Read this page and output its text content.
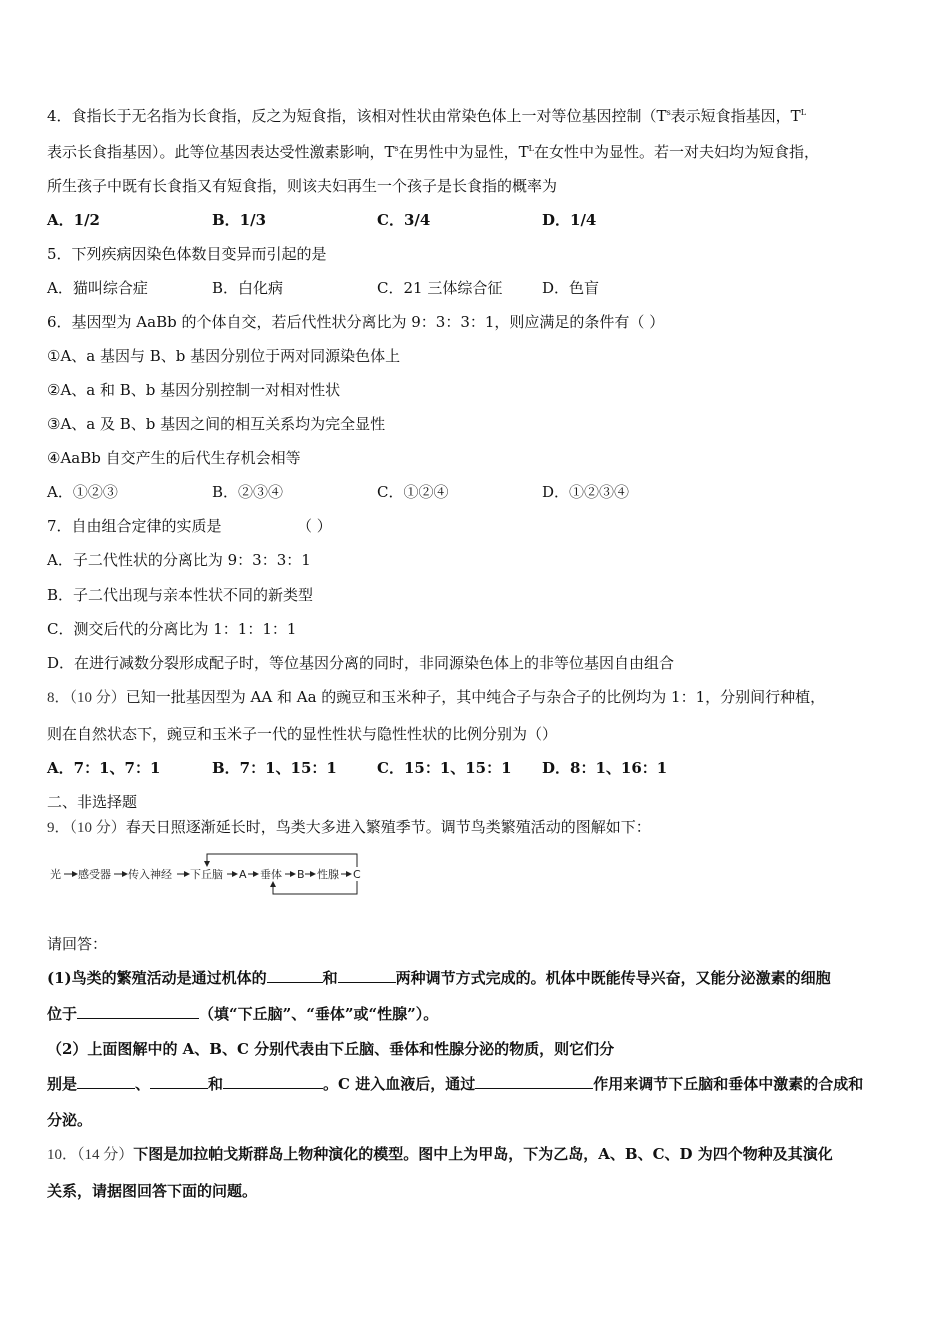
4．食指长于无名指为长食指，反之为短食指，该相对性状由常染色体上一对等位基因控制（$T^s$表示短食指基因，$T^L$
表示长食指基因）。此等位基因表达受性激素影响，$T^s$在男性中为显性，$T^L$在女性中为显性。若一对夫妇均为短食指，
所生孩子中既有长食指又有短食指，则该夫妇再生一个孩子是长食指的概率为
A．1/2	B．1/3	C．3/4	D．1/4
5．下列疾病因染色体数目变异而引起的是
A．猫叫综合症	B．白化病	C．21 三体综合征	D．色盲
6．基因型为 AaBb 的个体自交，若后代性状分离比为 9：3：3：1，则应满足的条件有（ ）
①A、a 基因与 B、b 基因分别位于两对同源染色体上
②A、a 和 B、b 基因分别控制一对相对性状
③A、a 及 B、b 基因之间的相互关系均为完全显性
④AaBb 自交产生的后代生存机会相等
A．①②③	B．②③④	C．①②④	D．①②③④
7．自由组合定律的实质是	（ ）
A．子二代性状的分离比为 9：3：3：1
B．子二代出现与亲本性状不同的新类型
C．测交后代的分离比为 1：1：1：1
D．在进行减数分裂形成配子时，等位基因分离的同时，非同源染色体上的非等位基因自由组合
8．（10 分）已知一批基因型为 AA 和 Aa 的豌豆和玉米种子，其中纯合子与杂合子的比例均为 1：1，分别间行种植，
则在自然状态下，豌豆和玉米子一代的显性性状与隐性性状的比例分别为（）
A．7：1、7：1	B．7：1、15：1	C．15：1、15：1 D．8：1、16：1
二、非选择题
9．（10 分）春天日照逐渐延长时，鸟类大多进入繁殖季节。调节鸟类繁殖活动的图解如下：
光 感受器 传入神经 下丘脑 A 垂体 B 性腺 C
请回答：
(1)鸟类的繁殖活动是通过机体的	和	两种调节方式完成的。机体中既能传导兴奋，又能分泌激素的细胞
位于	（填“下丘脑”、“垂体”或“性腺”）。
（2）上面图解中的 A、B、C 分别代表由下丘脑、垂体和性腺分泌的物质，则它们分
别是	、	和	。C 进入血液后，通过	作用来调节下丘脑和垂体中激素的合成和
分泌。
10．（14 分）下图是加拉帕戈斯群岛上物种演化的模型。图中上为甲岛，下为乙岛，A、B、C、D 为四个物种及其演化
关系，请据图回答下面的问题。
